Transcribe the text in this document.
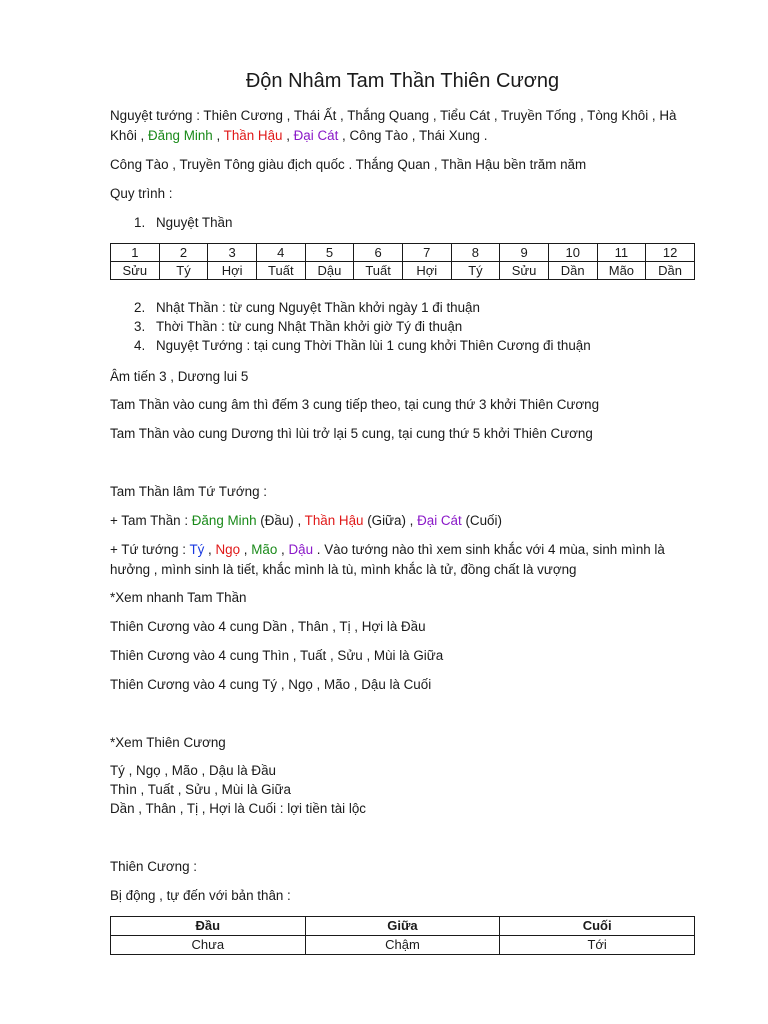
Độn Nhâm Tam Thần Thiên Cương

Nguyệt tướng : Thiên Cương , Thái Ất , Thắng Quang , Tiểu Cát , Truyền Tống , Tòng Khôi , Hà Khôi , Đăng Minh , Thần Hậu , Đại Cát , Công Tào , Thái Xung .

Công Tào , Truyền Tông giàu địch quốc . Thắng Quan , Thần Hậu bền trăm năm

Quy trình :

1. Nguyệt Thần
1	2	3	4	5	6	7	8	9	10	11	12
Sửu	Tý	Hợi	Tuất	Dậu	Tuất	Hợi	Tý	Sửu	Dần	Mão	Dần
2. Nhật Thần : từ cung Nguyệt Thần khởi ngày 1 đi thuận
3. Thời Thần : từ cung Nhật Thần khởi giờ Tý đi thuận
4. Nguyệt Tướng : tại cung Thời Thần lùi 1 cung khởi Thiên Cương đi thuận

Âm tiến 3 , Dương lui 5

Tam Thần vào cung âm thì đếm 3 cung tiếp theo, tại cung thứ 3 khởi Thiên Cương

Tam Thần vào cung Dương thì lùi trở lại 5 cung, tại cung thứ 5 khởi Thiên Cương

Tam Thần lâm Tứ Tướng :

+ Tam Thần : Đăng Minh (Đầu) , Thần Hậu (Giữa) , Đại Cát (Cuối)

+ Tứ tướng : Tý , Ngọ , Mão , Dậu . Vào tướng nào thì xem sinh khắc với 4 mùa, sinh mình là hưởng , mình sinh là tiết, khắc mình là tù, mình khắc là tử, đồng chất là vượng

*Xem nhanh Tam Thần

Thiên Cương vào 4 cung Dần , Thân , Tị , Hợi là Đầu

Thiên Cương vào 4 cung Thìn , Tuất , Sửu , Mùi là Giữa

Thiên Cương vào 4 cung Tý , Ngọ , Mão , Dậu là Cuối

*Xem Thiên Cương

Tý , Ngọ , Mão , Dậu là Đầu

Thìn , Tuất , Sửu , Mùi là Giữa

Dần , Thân , Tị , Hợi là Cuối : lợi tiền tài lộc

Thiên Cương :

Bị động , tự đến với bản thân :

Đầu	Giữa	Cuối
Chưa	Chậm	Tới
